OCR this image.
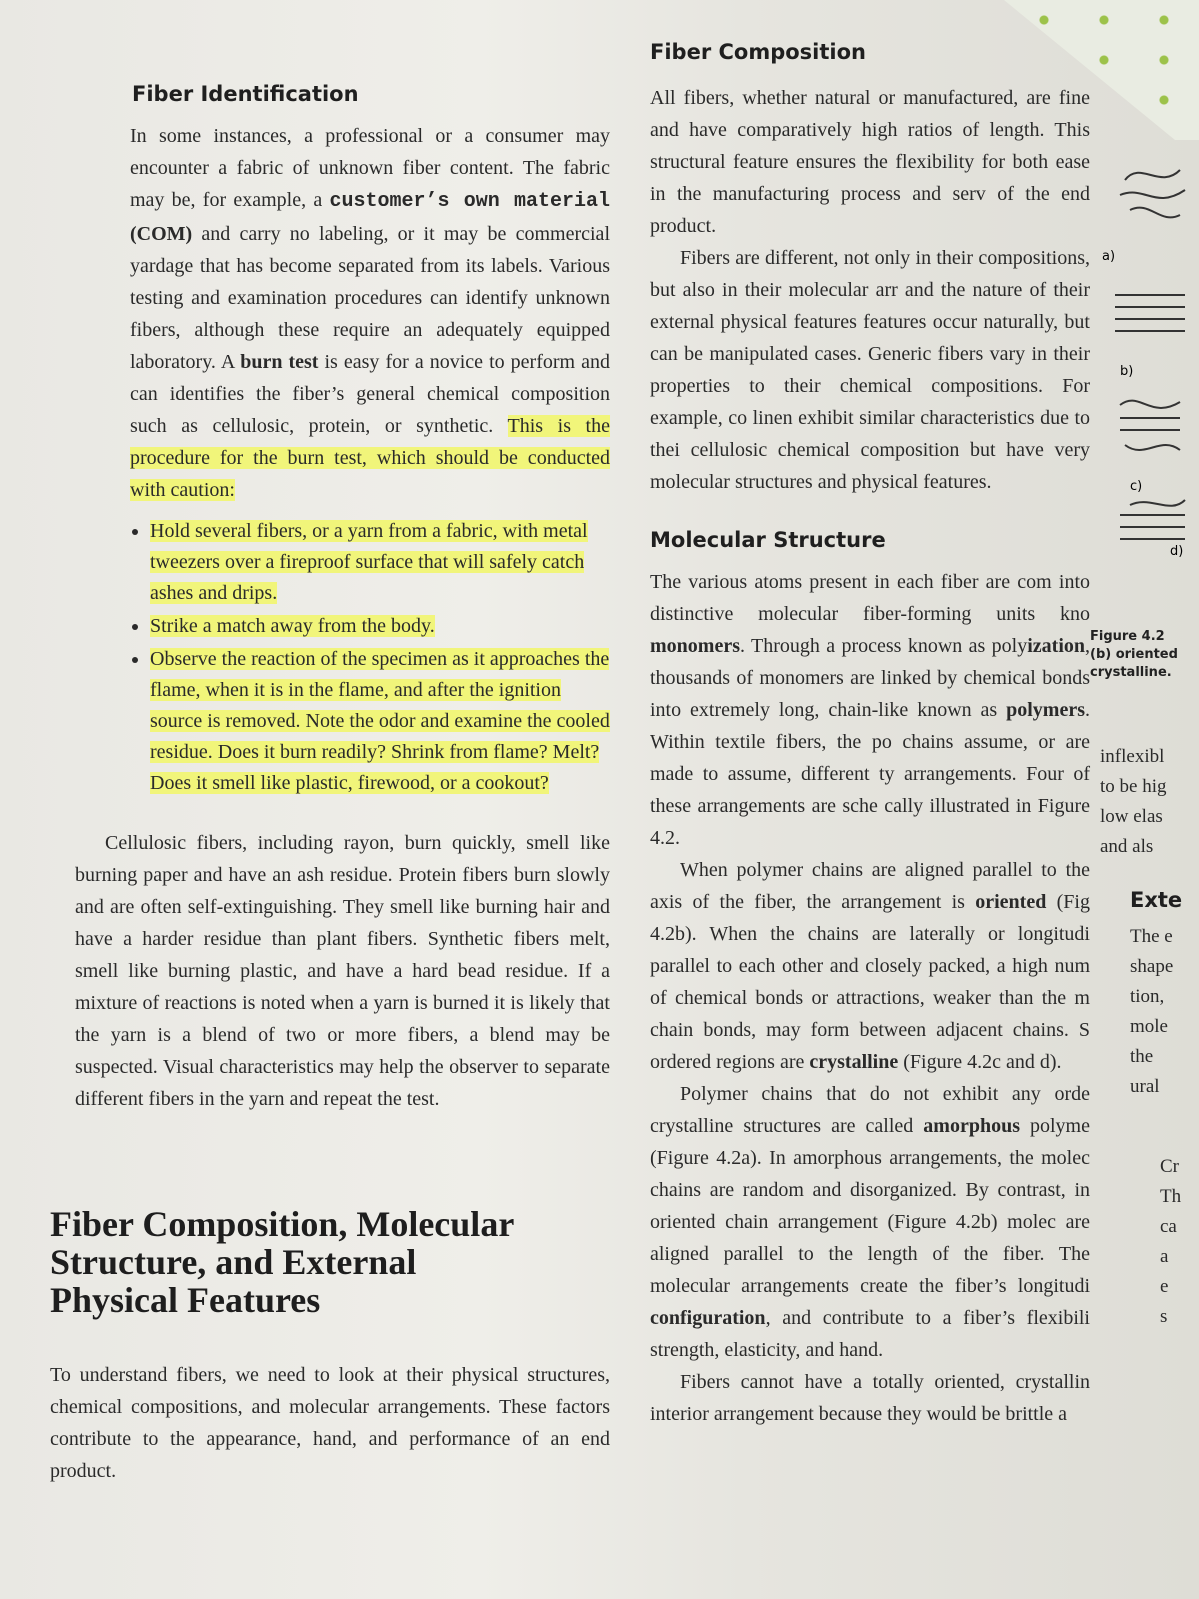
Fiber Identification

In some instances, a professional or a consumer may encounter a fabric of unknown fiber content. The fabric may be, for example, a customer’s own material (COM) and carry no labeling, or it may be commercial yardage that has become separated from its labels. Various testing and examination procedures can identify unknown fibers, although these require an adequately equipped laboratory. A burn test is easy for a novice to perform and can identifies the fiber’s general chemical composition such as cellulosic, protein, or synthetic. This is the procedure for the burn test, which should be conducted with caution:

• Hold several fibers, or a yarn from a fabric, with metal tweezers over a fireproof surface that will safely catch ashes and drips.
• Strike a match away from the body.
• Observe the reaction of the specimen as it approaches the flame, when it is in the flame, and after the ignition source is removed. Note the odor and examine the cooled residue. Does it burn readily? Shrink from flame? Melt? Does it smell like plastic, firewood, or a cookout?

Cellulosic fibers, including rayon, burn quickly, smell like burning paper and have an ash residue. Protein fibers burn slowly and are often self-extinguishing. They smell like burning hair and have a harder residue than plant fibers. Synthetic fibers melt, smell like burning plastic, and have a hard bead residue. If a mixture of reactions is noted when a yarn is burned it is likely that the yarn is a blend of two or more fibers, a blend may be suspected. Visual characteristics may help the observer to separate different fibers in the yarn and repeat the test.

Fiber Composition, Molecular Structure, and External Physical Features

To understand fibers, we need to look at their physical structures, chemical compositions, and molecular arrangements. These factors contribute to the appearance, hand, and performance of an end product.

Fiber Composition

All fibers, whether natural or manufactured, are fine and have comparatively high ratios of length. This structural feature ensures the flexibility for both ease in the manufacturing process and serv of the end product.

Fibers are different, not only in their compositions, but also in their molecular arr and the nature of their external physical features features occur naturally, but can be manipulated cases. Generic fibers vary in their properties to their chemical compositions. For example, co linen exhibit similar characteristics due to thei cellulosic chemical composition but have very molecular structures and physical features.

Molecular Structure

The various atoms present in each fiber are com into distinctive molecular fiber-forming units kno monomers. Through a process known as polyization, thousands of monomers are linked by chemical bonds into extremely long, chain-like known as polymers. Within textile fibers, the po chains assume, or are made to assume, different ty arrangements. Four of these arrangements are sche cally illustrated in Figure 4.2.

When polymer chains are aligned parallel to the axis of the fiber, the arrangement is oriented (Fig 4.2b). When the chains are laterally or longitudi parallel to each other and closely packed, a high num of chemical bonds or attractions, weaker than the m chain bonds, may form between adjacent chains. S ordered regions are crystalline (Figure 4.2c and d).

Polymer chains that do not exhibit any orde crystalline structures are called amorphous polyme (Figure 4.2a). In amorphous arrangements, the molec chains are random and disorganized. By contrast, in oriented chain arrangement (Figure 4.2b) molec are aligned parallel to the length of the fiber. The molecular arrangements create the fiber’s longitudi configuration, and contribute to a fiber’s flexibili strength, elasticity, and hand.

Fibers cannot have a totally oriented, crystallin interior arrangement because they would be brittle a

a)
b)
c)
d)
Figure 4.2
(b) oriented
crystalline.
inflexibl
to be hig
low elas
and als
Exte
The e
shape
tion,
mole
the
ural
Cr
Th
ca
a
e
s
